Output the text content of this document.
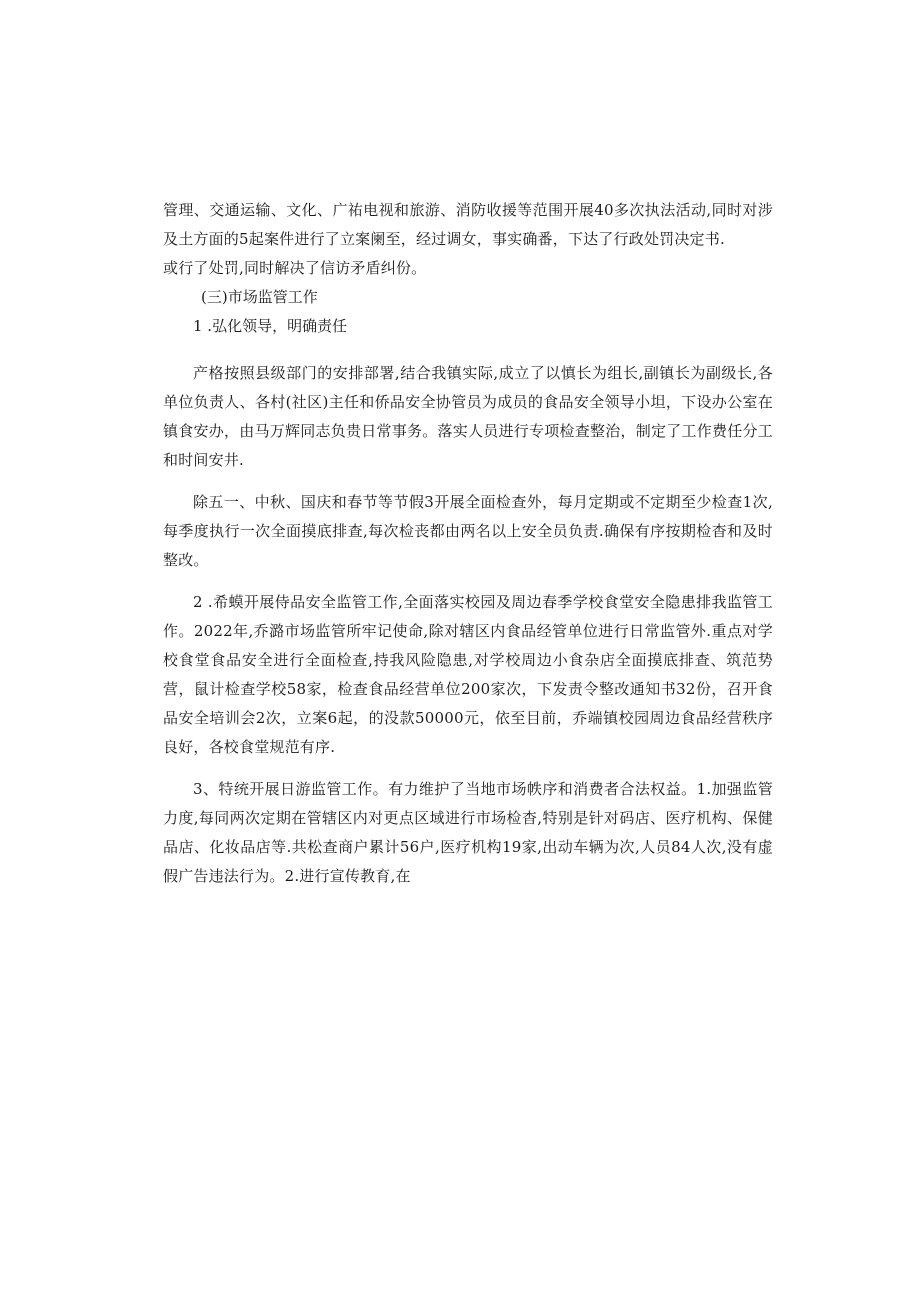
管理、交通运输、文化、广祐电视和旅游、消防收援等范围开展40多次执法活动,同时对涉及土方面的5起案件进行了立案阑至，经过调女，事实确番，下达了行政处罚决定书.

或行了处罚,同时解决了信访矛盾纠份。

(三)市场监管工作

1 .弘化领导，明确责任

产格按照县级部门的安排部署,结合我镇实际,成立了以慎长为组长,副镇长为副级长,各单位负责人、各村(社区)主任和侨品安全协管员为成员的食品安全领导小坦，下设办公室在镇食安办，由马万辉同志负贵日常事务。落实人员进行专项检查整治，制定了工作费任分工和时间安井.

除五一、中秋、国庆和春节等节假3开展全面检查外，每月定期或不定期至少检查1次,每季度执行一次全面摸底排查,每次检丧都由两名以上安全员负责.确保有序按期检杳和及时整改。

2 .希蟆开展侍品安全监管工作,全面落实校园及周边春季学校食堂安全隐患排我监管工作。2022年,乔潞市场监管所牢记使命,除对辖区内食品经管单位进行日常监管外.重点对学校食堂食品安全进行全面检查,持我风险隐患,对学校周边小食杂店全面摸底排查、筑范势营，鼠计检查学校58家，检查食品经营单位200家次，下发责令整改通知书32份，召开食品安全培训会2次，立案6起，的没款50000元，依至目前，乔端镇校园周边食品经营秩序良好，各校食堂规范有序.

3、特统开展日游监管工作。有力维护了当地市场帙序和消费者合法权益。1.加强监管力度,每同两次定期在管辖区内对更点区域进行市场检杳,特别是针对码店、医疗机构、保健品店、化妆品店等.共松查商户累计56户,医疗机构19家,出动车辆为次,人员84人次,没有虚假广告违法行为。2.进行宣传教育,在
